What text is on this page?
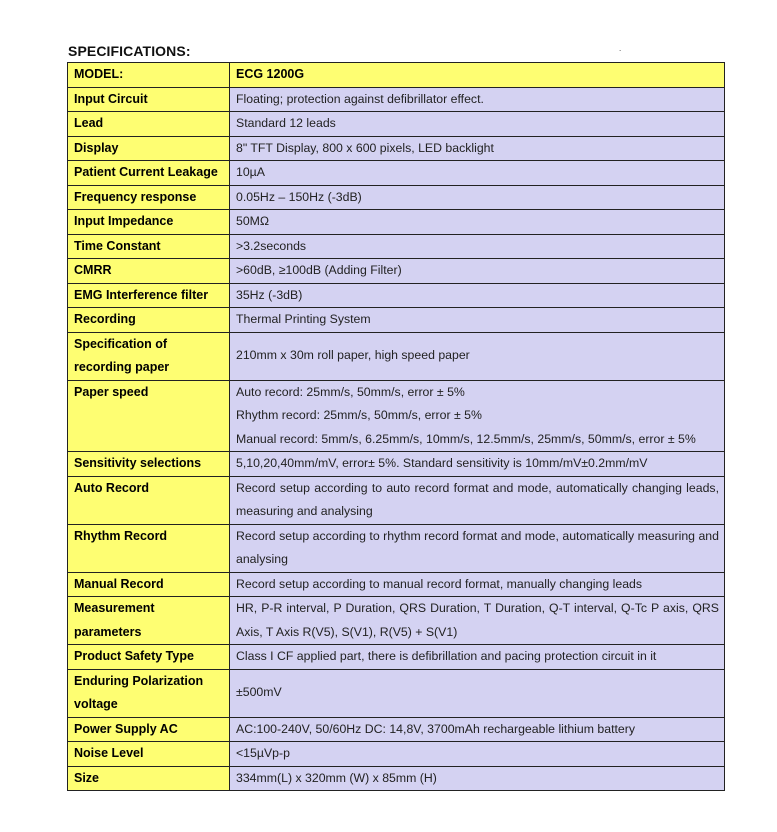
SPECIFICATIONS:	.
MODEL:	ECG 1200G
Input Circuit	Floating; protection against defibrillator effect.
Lead	Standard 12 leads
Display	8" TFT Display, 800 x 600 pixels, LED backlight
Patient Current Leakage	10µA
Frequency response	0.05Hz – 150Hz (-3dB)
Input Impedance	50MΩ
Time Constant	>3.2seconds
CMRR	>60dB, ≥100dB (Adding Filter)
EMG Interference filter	35Hz (-3dB)
Recording	Thermal Printing System
Specification of recording paper	210mm x 30m roll paper, high speed paper
Paper speed	Auto record: 25mm/s, 50mm/s, error ± 5%
Rhythm record: 25mm/s, 50mm/s, error ± 5%
Manual record: 5mm/s, 6.25mm/s, 10mm/s, 12.5mm/s, 25mm/s, 50mm/s, error ± 5%

Sensitivity selections	5,10,20,40mm/mV, error± 5%. Standard sensitivity is 10mm/mV±0.2mm/mV
Auto Record	Record setup according to auto record format and mode, automatically changing leads, measuring and analysing
Rhythm Record	Record setup according to rhythm record format and mode, automatically measuring and analysing
Manual Record	Record setup according to manual record format, manually changing leads
Measurement parameters	HR, P-R interval, P Duration, QRS Duration, T Duration, Q-T interval, Q-Tc P axis, QRS Axis, T Axis R(V5), S(V1), R(V5) + S(V1)
Product Safety Type	Class I CF applied part, there is defibrillation and pacing protection circuit in it
Enduring Polarization voltage	±500mV
Power Supply AC	AC:100-240V, 50/60Hz DC: 14,8V, 3700mAh rechargeable lithium battery
Noise Level	<15µVp-p
Size	334mm(L) x 320mm (W) x 85mm (H)
